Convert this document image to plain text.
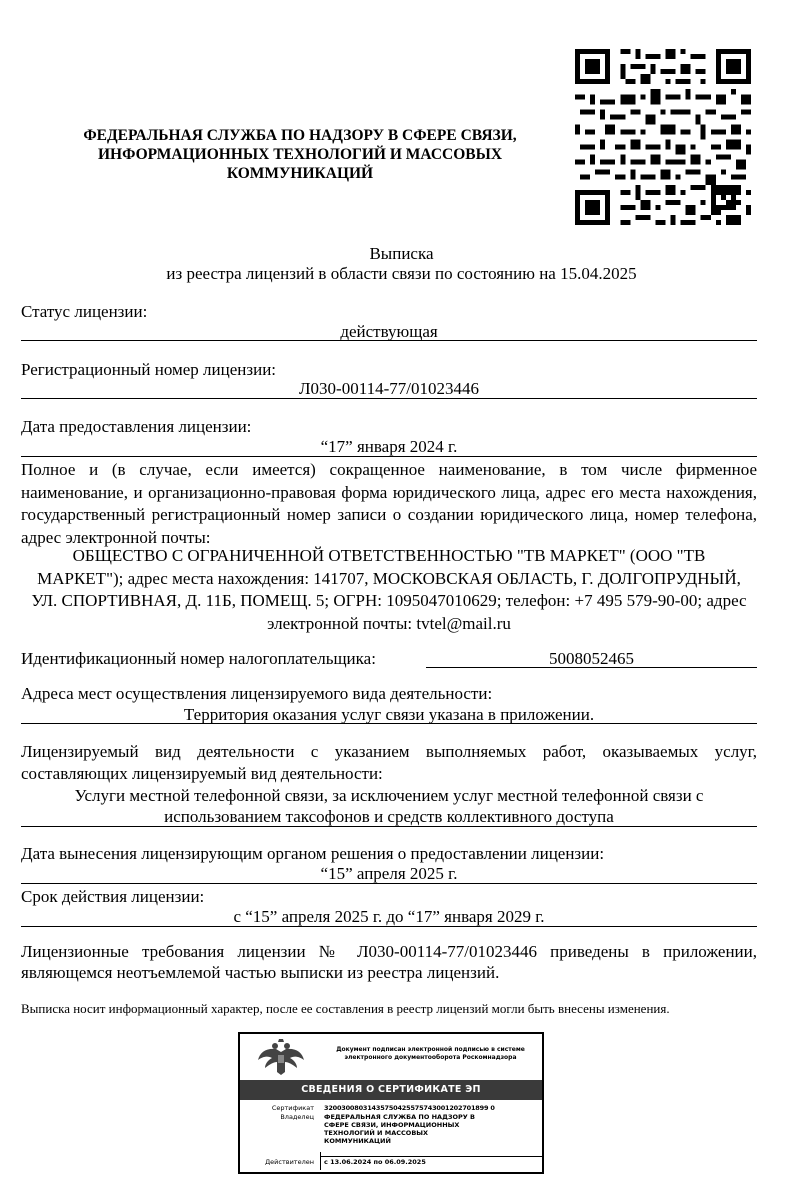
ФЕДЕРАЛЬНАЯ СЛУЖБА ПО НАДЗОРУ В СФЕРЕ СВЯЗИ, ИНФОРМАЦИОННЫХ ТЕХНОЛОГИЙ И МАССОВЫХ КОММУНИКАЦИЙ
Выписка
из реестра лицензий в области связи по состоянию на 15.04.2025
Статус лицензии:
действующая
Регистрационный номер лицензии:
Л030-00114-77/01023446
Дата предоставления лицензии:
“17” января 2024 г.
Полное и (в случае, если имеется) сокращенное наименование, в том числе фирменное наименование, и организационно-правовая форма юридического лица, адрес его места нахождения, государственный регистрационный номер записи о создании юридического лица, номер телефона, адрес электронной почты:
ОБЩЕСТВО С ОГРАНИЧЕННОЙ ОТВЕТСТВЕННОСТЬЮ "ТВ МАРКЕТ" (ООО "ТВ МАРКЕТ"); адрес места нахождения: 141707, МОСКОВСКАЯ ОБЛАСТЬ, Г. ДОЛГОПРУДНЫЙ, УЛ. СПОРТИВНАЯ, Д. 11Б, ПОМЕЩ. 5; ОГРН: 1095047010629; телефон: +7 495 579-90-00; адрес электронной почты: tvtel@mail.ru
Идентификационный номер налогоплательщика:	5008052465
Адреса мест осуществления лицензируемого вида деятельности:
Территория оказания услуг связи указана в приложении.
Лицензируемый вид деятельности с указанием выполняемых работ, оказываемых услуг, составляющих лицензируемый вид деятельности:
Услуги местной телефонной связи, за исключением услуг местной телефонной связи с использованием таксофонов и средств коллективного доступа
Дата вынесения лицензирующим органом решения о предоставлении лицензии:
“15” апреля 2025 г.
Срок действия лицензии:
с “15” апреля 2025 г. до “17” января 2029 г.
Лицензионные требования лицензии № Л030-00114-77/01023446 приведены в приложении, являющемся неотъемлемой частью выписки из реестра лицензий.
Выписка носит информационный характер, после ее составления в реестр лицензий могли быть внесены изменения.
Документ подписан электронной подписью в системе электронного документооборота Роскомнадзора
СВЕДЕНИЯ О СЕРТИФИКАТЕ ЭП
Сертификат 32003008031435750425575743001202701899 0
Владелец ФЕДЕРАЛЬНАЯ СЛУЖБА ПО НАДЗОРУ В СФЕРЕ СВЯЗИ, ИНФОРМАЦИОННЫХ ТЕХНОЛОГИЙ И МАССОВЫХ КОММУНИКАЦИЙ
Действителен с 13.06.2024 по 06.09.2025
